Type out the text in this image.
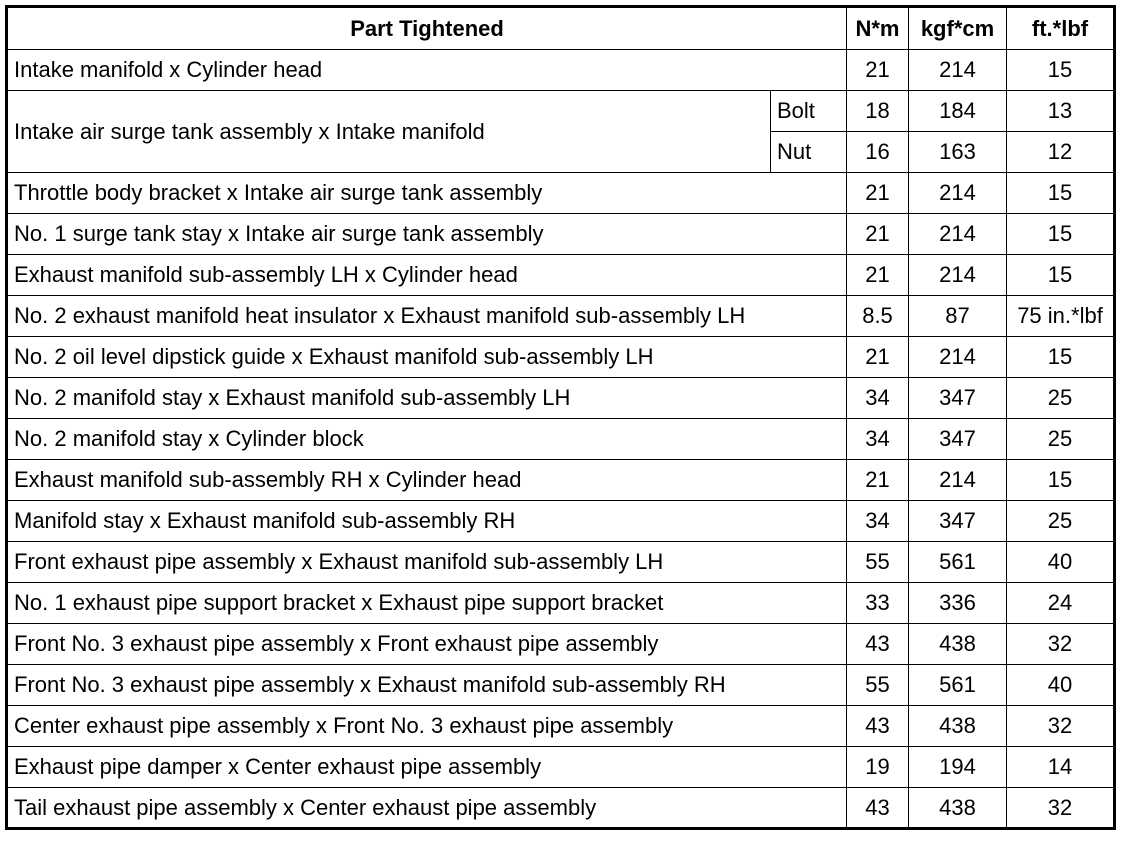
Part Tightened		N*m	kgf*cm	ft.*lbf
Intake manifold x Cylinder head		21	214	15
Intake air surge tank assembly x Intake manifold	Bolt	18	184	13
	Nut	16	163	12
Throttle body bracket x Intake air surge tank assembly		21	214	15
No. 1 surge tank stay x Intake air surge tank assembly		21	214	15
Exhaust manifold sub-assembly LH x Cylinder head		21	214	15
No. 2 exhaust manifold heat insulator x Exhaust manifold sub-assembly LH		8.5	87	75 in.*lbf
No. 2 oil level dipstick guide x Exhaust manifold sub-assembly LH		21	214	15
No. 2 manifold stay x Exhaust manifold sub-assembly LH		34	347	25
No. 2 manifold stay x Cylinder block		34	347	25
Exhaust manifold sub-assembly RH x Cylinder head		21	214	15
Manifold stay x Exhaust manifold sub-assembly RH		34	347	25
Front exhaust pipe assembly x Exhaust manifold sub-assembly LH		55	561	40
No. 1 exhaust pipe support bracket x Exhaust pipe support bracket		33	336	24
Front No. 3 exhaust pipe assembly x Front exhaust pipe assembly		43	438	32
Front No. 3 exhaust pipe assembly x Exhaust manifold sub-assembly RH		55	561	40
Center exhaust pipe assembly x Front No. 3 exhaust pipe assembly		43	438	32
Exhaust pipe damper x Center exhaust pipe assembly		19	194	14
Tail exhaust pipe assembly x Center exhaust pipe assembly		43	438	32
